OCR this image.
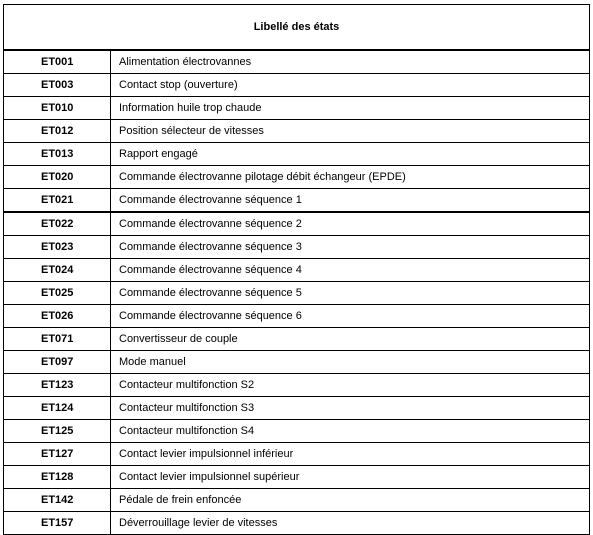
Libellé des états	
ET001	Alimentation électrovannes
ET003	Contact stop (ouverture)
ET010	Information huile trop chaude
ET012	Position sélecteur de vitesses
ET013	Rapport engagé
ET020	Commande électrovanne pilotage débit échangeur (EPDE)
ET021	Commande électrovanne séquence 1
ET022	Commande électrovanne séquence 2
ET023	Commande électrovanne séquence 3
ET024	Commande électrovanne séquence 4
ET025	Commande électrovanne séquence 5
ET026	Commande électrovanne séquence 6
ET071	Convertisseur de couple
ET097	Mode manuel
ET123	Contacteur multifonction S2
ET124	Contacteur multifonction S3
ET125	Contacteur multifonction S4
ET127	Contact levier impulsionnel inférieur
ET128	Contact levier impulsionnel supérieur
ET142	Pédale de frein enfoncée
ET157	Déverrouillage levier de vitesses
